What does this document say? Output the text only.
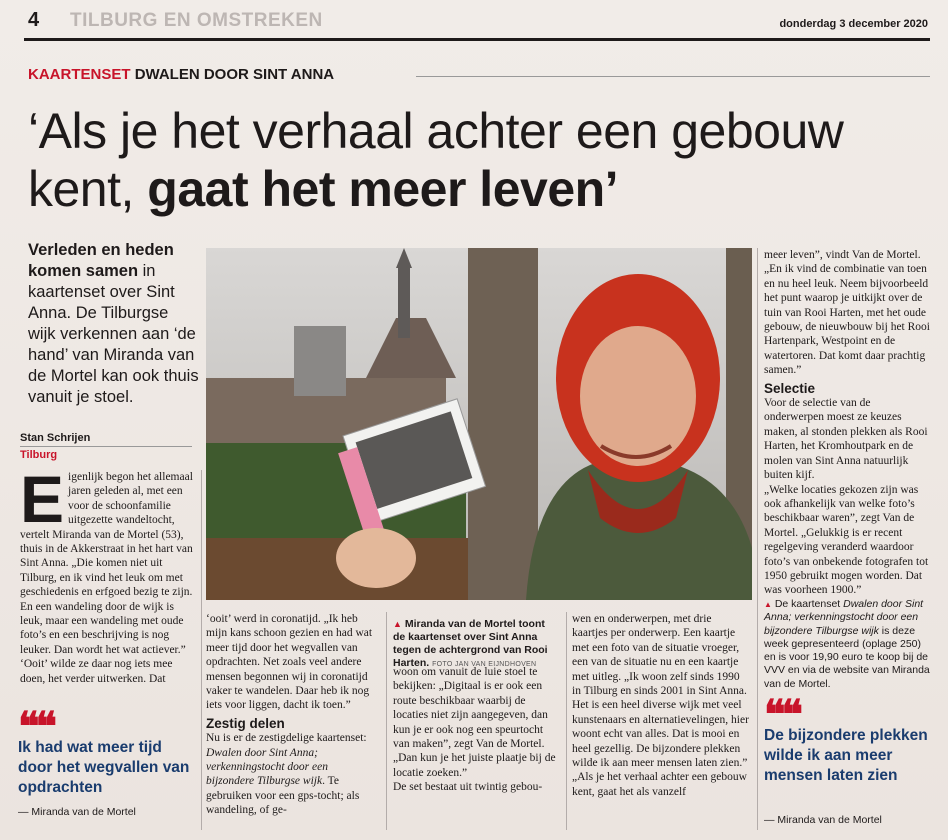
4 TILBURG EN OMSTREKEN	donderdag 3 december 2020
KAARTENSET DWALEN DOOR SINT ANNA
‘Als je het verhaal achter een gebouw
kent, gaat het meer leven’
Verleden en heden komen samen in kaartenset over Sint Anna. De Tilburgse wijk verkennen aan ‘de hand’ van Miranda van de Mortel kan ook thuis vanuit je stoel.
Stan Schrijen
Tilburg
E igenlijk begon het allemaal jaren geleden al, met een voor de schoonfamilie uitgezette wandeltocht, vertelt Miranda van de Mortel (53), thuis in de Akkerstraat in het hart van Sint Anna. „Die komen niet uit Tilburg, en ik vind het leuk om met geschiedenis en erfgoed bezig te zijn. En een wandeling door de wijk is leuk, maar een wandeling met oude foto’s en een beschrijving is nog leuker. Dan wordt het wat actiever.”
‘Ooit’ wilde ze daar nog iets mee doen, het verder uitwerken. Dat
❝❝
Ik had wat meer tijd door het wegvallen van opdrachten
— Miranda van de Mortel
‘ooit’ werd in coronatijd. „Ik heb mijn kans schoon gezien en had wat meer tijd door het wegvallen van opdrachten. Net zoals veel andere mensen begonnen wij in coronatijd vaker te wandelen. Daar heb ik nog iets voor liggen, dacht ik toen.”
Zestig delen
Nu is er de zestigdelige kaartenset: Dwalen door Sint Anna; verkenningstocht door een bijzondere Tilburgse wijk. Te gebruiken voor een gps-tocht; als wandeling, of ge-
▲ Miranda van de Mortel toont de kaartenset over Sint Anna tegen de achtergrond van Rooi Harten. FOTO JAN VAN EIJNDHOVEN
woon om vanuit de luie stoel te bekijken: „Digitaal is er ook een route beschikbaar waarbij de locaties niet zijn aangegeven, dan kun je er ook nog een speurtocht van maken”, zegt Van de Mortel. „Dan kun je het juiste plaatje bij de locatie zoeken.”
De set bestaat uit twintig gebou-
wen en onderwerpen, met drie kaartjes per onderwerp. Een kaartje met een foto van de situatie vroeger, een van de situatie nu en een kaartje met uitleg. „Ik woon zelf sinds 1990 in Tilburg en sinds 2001 in Sint Anna. Het is een heel diverse wijk met veel kunstenaars en alternatievelingen, hier woont echt van alles. Dat is mooi en heel gezellig. De bijzondere plekken wilde ik aan meer mensen laten zien.”
„Als je het verhaal achter een gebouw kent, gaat het als vanzelf
meer leven”, vindt Van de Mortel. „En ik vind de combinatie van toen en nu heel leuk. Neem bijvoorbeeld het punt waarop je uitkijkt over de tuin van Rooi Harten, met het oude gebouw, de nieuwbouw bij het Rooi Hartenpark, Westpoint en de watertoren. Dat komt daar prachtig samen.”
Selectie
Voor de selectie van de onderwerpen moest ze keuzes maken, al stonden plekken als Rooi Harten, het Kromhoutpark en de molen van Sint Anna natuurlijk buiten kijf.
„Welke locaties gekozen zijn was ook afhankelijk van welke foto’s beschikbaar waren”, zegt Van de Mortel. „Gelukkig is er recent regelgeving veranderd waardoor foto’s van onbekende fotografen tot 1950 gebruikt mogen worden. Dat was voorheen 1900.”
▲ De kaartenset Dwalen door Sint Anna; verkenningstocht door een bijzondere Tilburgse wijk is deze week gepresenteerd (oplage 250) en is voor 19,90 euro te koop bij de VVV en via de website van Miranda van de Mortel.
❝❝
De bijzondere plekken wilde ik aan meer mensen laten zien
— Miranda van de Mortel
